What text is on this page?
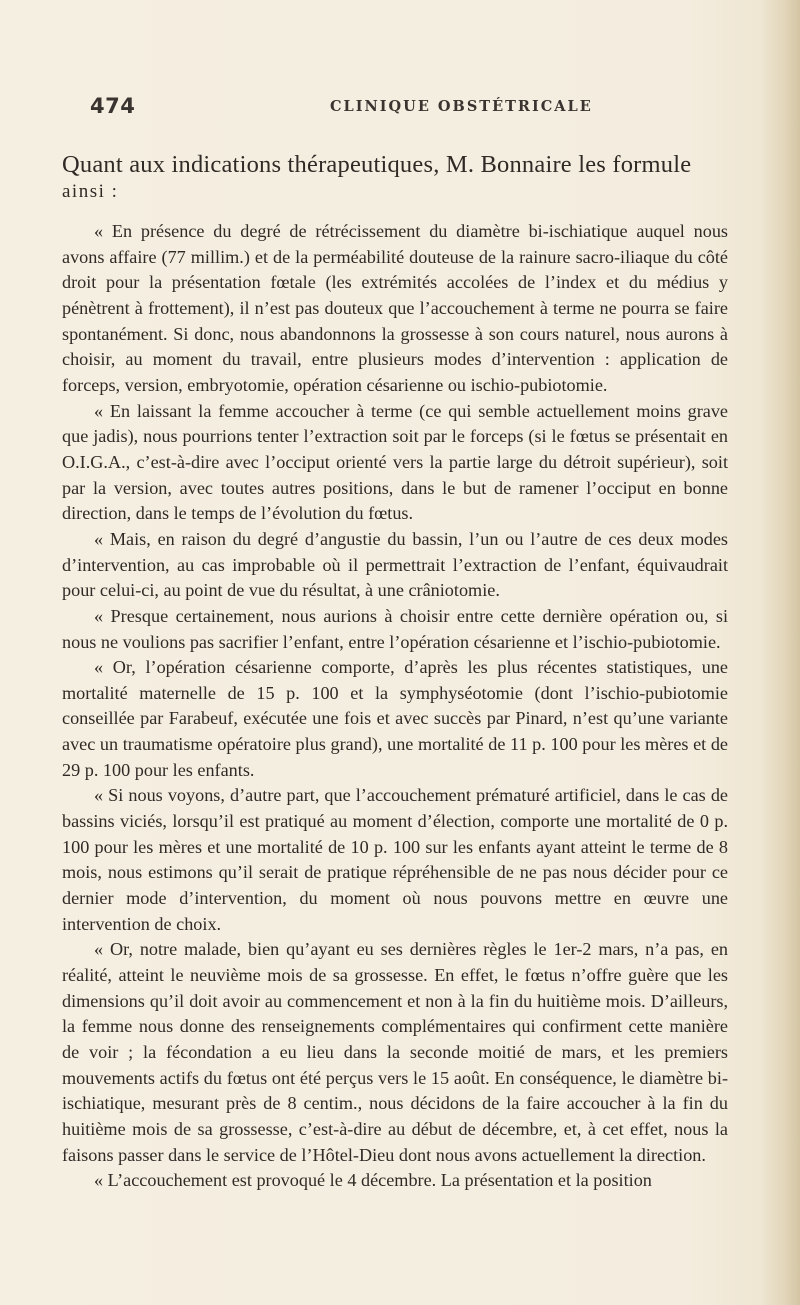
474	CLINIQUE OBSTÉTRICALE
Quant aux indications thérapeutiques, M. Bonnaire les formule
ainsi :

« En présence du degré de rétrécissement du diamètre bi-ischiatique auquel nous avons affaire (77 millim.) et de la perméabilité douteuse de la rainure sacro-iliaque du côté droit pour la présentation fœtale (les extrémités accolées de l’index et du médius y pénètrent à frottement), il n’est pas douteux que l’accouchement à terme ne pourra se faire spontanément. Si donc, nous abandonnons la grossesse à son cours naturel, nous aurons à choisir, au moment du travail, entre plusieurs modes d’intervention : application de forceps, version, embryotomie, opération césarienne ou ischio-pubiotomie.

« En laissant la femme accoucher à terme (ce qui semble actuellement moins grave que jadis), nous pourrions tenter l’extraction soit par le forceps (si le fœtus se présentait en O.I.G.A., c’est-à-dire avec l’occiput orienté vers la partie large du détroit supérieur), soit par la version, avec toutes autres positions, dans le but de ramener l’occiput en bonne direction, dans le temps de l’évolution du fœtus.

« Mais, en raison du degré d’angustie du bassin, l’un ou l’autre de ces deux modes d’intervention, au cas improbable où il permettrait l’extraction de l’enfant, équivaudrait pour celui-ci, au point de vue du résultat, à une crâniotomie.

« Presque certainement, nous aurions à choisir entre cette dernière opération ou, si nous ne voulions pas sacrifier l’enfant, entre l’opération césarienne et l’ischio-pubiotomie.

« Or, l’opération césarienne comporte, d’après les plus récentes statistiques, une mortalité maternelle de 15 p. 100 et la symphyséotomie (dont l’ischio-pubiotomie conseillée par Farabeuf, exécutée une fois et avec succès par Pinard, n’est qu’une variante avec un traumatisme opératoire plus grand), une mortalité de 11 p. 100 pour les mères et de 29 p. 100 pour les enfants.

« Si nous voyons, d’autre part, que l’accouchement prématuré artificiel, dans le cas de bassins viciés, lorsqu’il est pratiqué au moment d’élection, comporte une mortalité de 0 p. 100 pour les mères et une mortalité de 10 p. 100 sur les enfants ayant atteint le terme de 8 mois, nous estimons qu’il serait de pratique répréhensible de ne pas nous décider pour ce dernier mode d’intervention, du moment où nous pouvons mettre en œuvre une intervention de choix.

« Or, notre malade, bien qu’ayant eu ses dernières règles le 1er-2 mars, n’a pas, en réalité, atteint le neuvième mois de sa grossesse. En effet, le fœtus n’offre guère que les dimensions qu’il doit avoir au commencement et non à la fin du huitième mois. D’ailleurs, la femme nous donne des renseignements complémentaires qui confirment cette manière de voir ; la fécondation a eu lieu dans la seconde moitié de mars, et les premiers mouvements actifs du fœtus ont été perçus vers le 15 août. En conséquence, le diamètre bi-ischiatique, mesurant près de 8 centim., nous décidons de la faire accoucher à la fin du huitième mois de sa grossesse, c’est-à-dire au début de décembre, et, à cet effet, nous la faisons passer dans le service de l’Hôtel-Dieu dont nous avons actuellement la direction.

« L’accouchement est provoqué le 4 décembre. La présentation et la position
